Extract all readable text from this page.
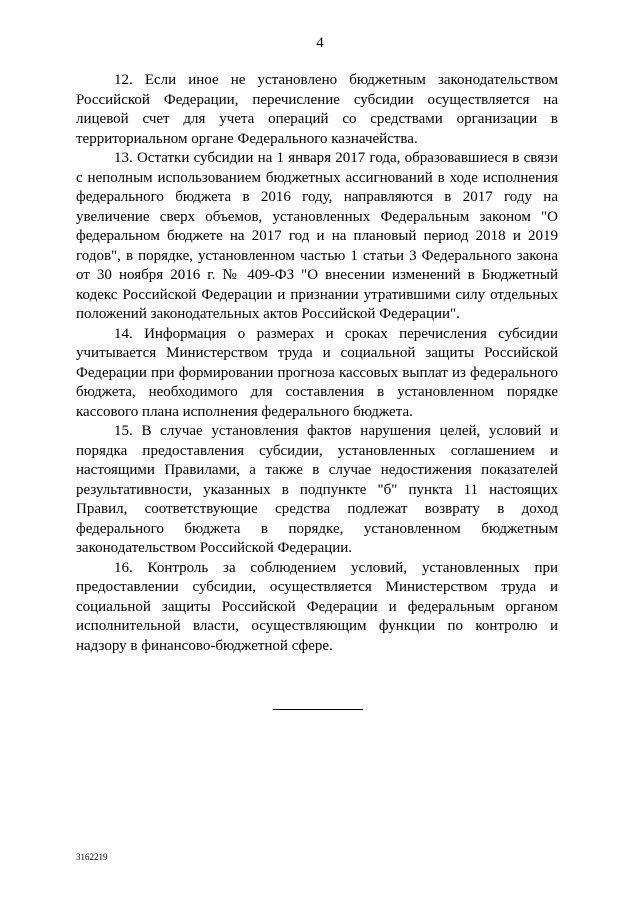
4

12. Если иное не установлено бюджетным законодательством Российской Федерации, перечисление субсидии осуществляется на лицевой счет для учета операций со средствами организации в территориальном органе Федерального казначейства.

13. Остатки субсидии на 1 января 2017 года, образовавшиеся в связи с неполным использованием бюджетных ассигнований в ходе исполнения федерального бюджета в 2016 году, направляются в 2017 году на увеличение сверх объемов, установленных Федеральным законом "О федеральном бюджете на 2017 год и на плановый период 2018 и 2019 годов", в порядке, установленном частью 1 статьи 3 Федерального закона от 30 ноября 2016 г. № 409-ФЗ "О внесении изменений в Бюджетный кодекс Российской Федерации и признании утратившими силу отдельных положений законодательных актов Российской Федерации".

14. Информация о размерах и сроках перечисления субсидии учитывается Министерством труда и социальной защиты Российской Федерации при формировании прогноза кассовых выплат из федерального бюджета, необходимого для составления в установленном порядке кассового плана исполнения федерального бюджета.

15. В случае установления фактов нарушения целей, условий и порядка предоставления субсидии, установленных соглашением и настоящими Правилами, а также в случае недостижения показателей результативности, указанных в подпункте "б" пункта 11 настоящих Правил, соответствующие средства подлежат возврату в доход федерального бюджета в порядке, установленном бюджетным законодательством Российской Федерации.

16. Контроль за соблюдением условий, установленных при предоставлении субсидии, осуществляется Министерством труда и социальной защиты Российской Федерации и федеральным органом исполнительной власти, осуществляющим функции по контролю и надзору в финансово-бюджетной сфере.

3162219
